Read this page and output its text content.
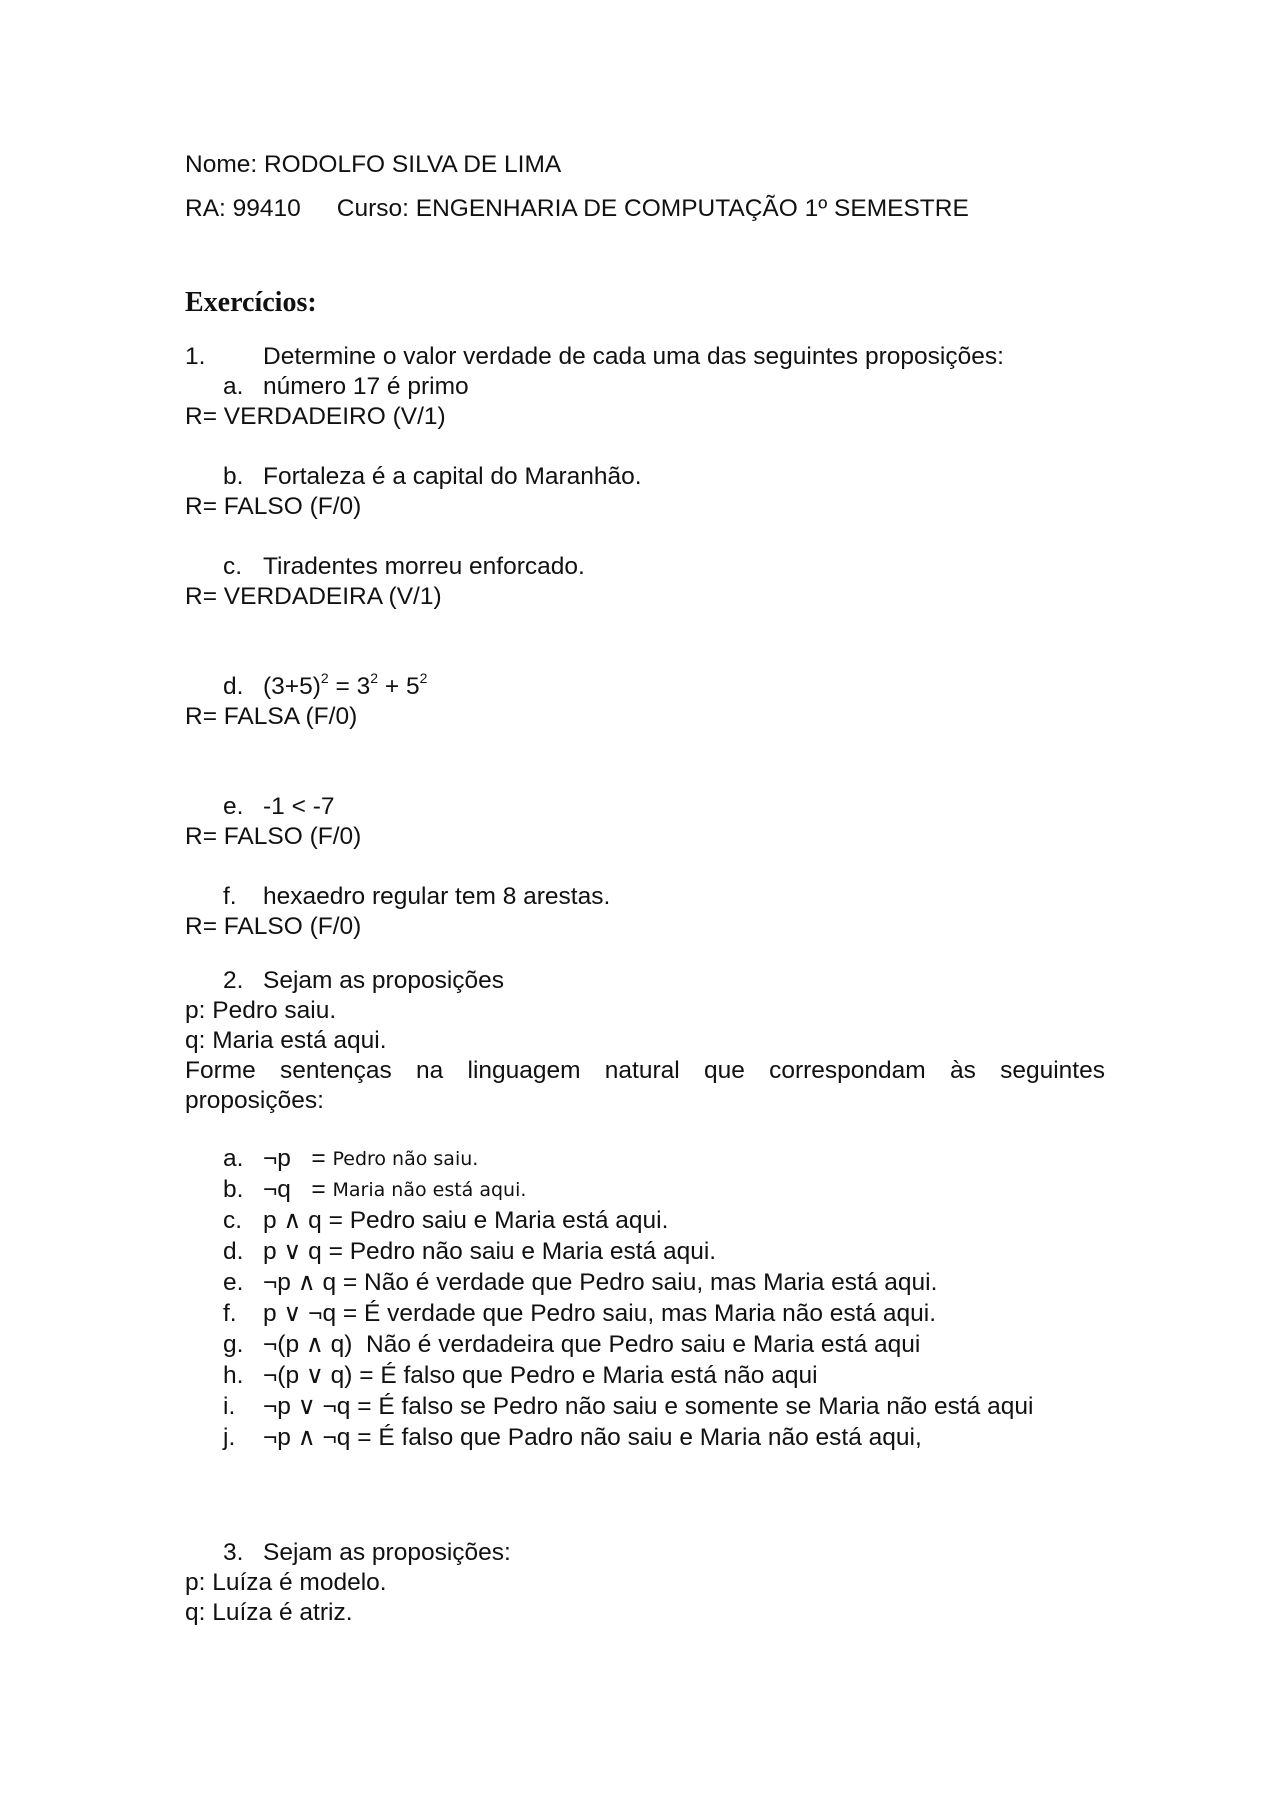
Nome: RODOLFO SILVA DE LIMA
RA: 99410 Curso: ENGENHARIA DE COMPUTAÇÃO 1º SEMESTRE
Exercícios:
1.	Determine o valor verdade de cada uma das seguintes proposições:
a. número 17 é primo
R= VERDADEIRO (V/1)
b. Fortaleza é a capital do Maranhão.
R= FALSO (F/0)
c. Tiradentes morreu enforcado.
R= VERDADEIRA (V/1)
d. $(3+5)^2 = 3^2 + 5^2$
R= FALSA (F/0)
e. -1 < -7
R= FALSO (F/0)
f.	hexaedro regular tem 8 arestas.
R= FALSO (F/0)
2. Sejam as proposições
p: Pedro saiu.
q: Maria está aqui.
Forme sentenças na linguagem natural que correspondam às seguintes
proposições:
a. ¬p   = Pedro não saiu.
b. ¬q   = Maria não está aqui.
c. p ∧ q = Pedro saiu e Maria está aqui.
d. p ∨ q = Pedro não saiu e Maria está aqui.
e. ¬p ∧ q = Não é verdade que Pedro saiu, mas Maria está aqui.
f.	p ∨ ¬q = É verdade que Pedro saiu, mas Maria não está aqui.
g. ¬(p ∧ q)  Não é verdadeira que Pedro saiu e Maria está aqui
h. ¬(p ∨ q) = É falso que Pedro e Maria está não aqui
i.	¬p ∨ ¬q = É falso se Pedro não saiu e somente se Maria não está aqui
j.	¬p ∧ ¬q = É falso que Padro não saiu e Maria não está aqui,
3. Sejam as proposições:
p: Luíza é modelo.
q: Luíza é atriz.
